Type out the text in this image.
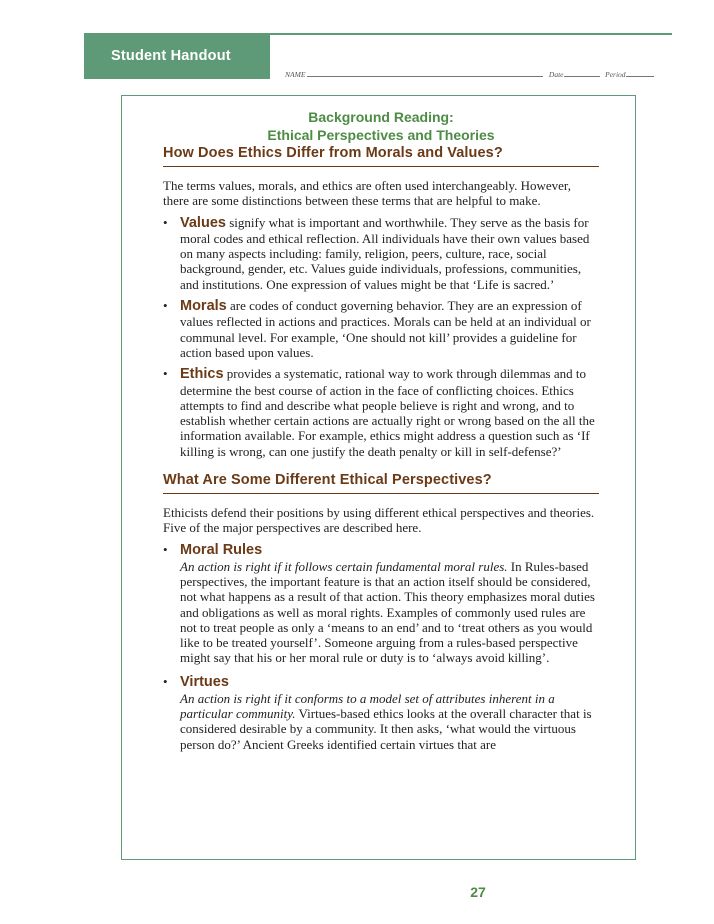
Student Handout
NAME	Date	Period
Background Reading:
Ethical Perspectives and Theories
How Does Ethics Differ from Morals and Values?

The terms values, morals, and ethics are often used interchangeably. However, there are some distinctions between these terms that are helpful to make.

• Values signify what is important and worthwhile. They serve as the basis for moral codes and ethical reflection. All individuals have their own values based on many aspects including: family, religion, peers, culture, race, social background, gender, etc. Values guide individuals, professions, communities, and institutions. One expression of values might be that ‘Life is sacred.’
• Morals are codes of conduct governing behavior. They are an expression of values reflected in actions and practices. Morals can be held at an individual or communal level. For example, ‘One should not kill’ provides a guideline for action based upon values.
• Ethics provides a systematic, rational way to work through dilemmas and to determine the best course of action in the face of conflicting choices. Ethics attempts to find and describe what people believe is right and wrong, and to establish whether certain actions are actually right or wrong based on the all the information available. For example, ethics might address a question such as ‘If killing is wrong, can one justify the death penalty or kill in self-defense?’
What Are Some Different Ethical Perspectives?

Ethicists defend their positions by using different ethical perspectives and theories. Five of the major perspectives are described here.

• Moral Rules
An action is right if it follows certain fundamental moral rules. In Rules-based perspectives, the important feature is that an action itself should be considered, not what happens as a result of that action. This theory emphasizes moral duties and obligations as well as moral rights. Examples of commonly used rules are not to treat people as only a ‘means to an end’ and to ‘treat others as you would like to be treated yourself’. Someone arguing from a rules-based perspective might say that his or her moral rule or duty is to ‘always avoid killing’.
• Virtues
An action is right if it conforms to a model set of attributes inherent in a particular community. Virtues-based ethics looks at the overall character that is considered desirable by a community. It then asks, ‘what would the virtuous person do?’ Ancient Greeks identified certain virtues that are
27
